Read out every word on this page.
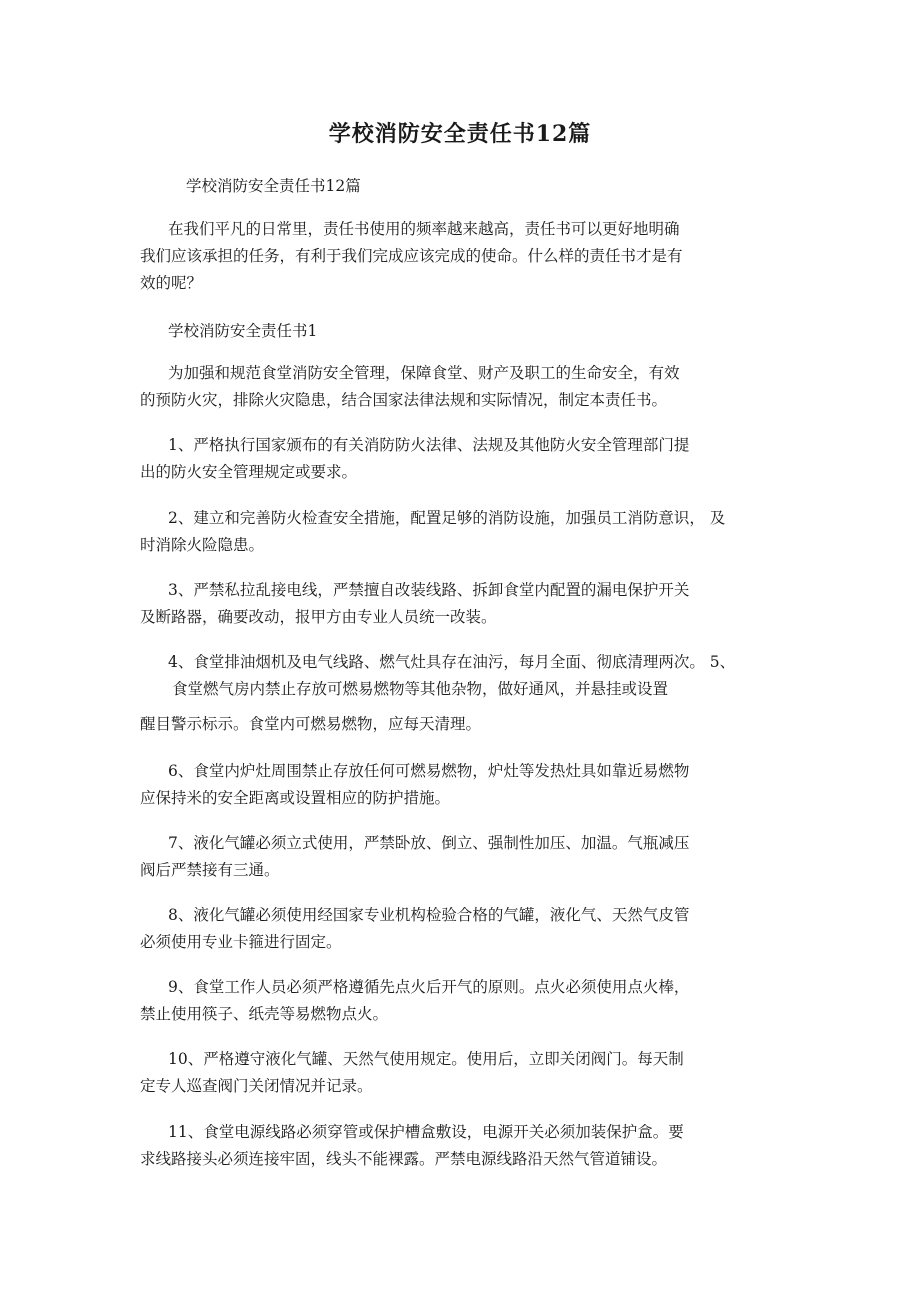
学校消防安全责任书12篇

学校消防安全责任书12篇

在我们平凡的日常里，责任书使用的频率越来越高，责任书可以更好地明确
我们应该承担的任务，有利于我们完成应该完成的使命。什么样的责任书才是有
效的呢？
学校消防安全责任书1
为加强和规范食堂消防安全管理，保障食堂、财产及职工的生命安全，有效
的预防火灾，排除火灾隐患，结合国家法律法规和实际情况，制定本责任书。
1、严格执行国家颁布的有关消防防火法律、法规及其他防火安全管理部门提
出的防火安全管理规定或要求。
2、建立和完善防火检查安全措施，配置足够的消防设施，加强员工消防意识， 及
时消除火险隐患。
3、严禁私拉乱接电线，严禁擅自改装线路、拆卸食堂内配置的漏电保护开关
及断路器，确要改动，报甲方由专业人员统一改装。
4、食堂排油烟机及电气线路、燃气灶具存在油污，每月全面、彻底清理两次。 5、
食堂燃气房内禁止存放可燃易燃物等其他杂物，做好通风，并悬挂或设置
醒目警示标示。食堂内可燃易燃物，应每天清理。
6、食堂内炉灶周围禁止存放任何可燃易燃物，炉灶等发热灶具如靠近易燃物
应保持米的安全距离或设置相应的防护措施。
7、液化气罐必须立式使用，严禁卧放、倒立、强制性加压、加温。气瓶减压
阀后严禁接有三通。
8、液化气罐必须使用经国家专业机构检验合格的气罐，液化气、天然气皮管
必须使用专业卡箍进行固定。
9、食堂工作人员必须严格遵循先点火后开气的原则。点火必须使用点火棒，
禁止使用筷子、纸壳等易燃物点火。
10、严格遵守液化气罐、天然气使用规定。使用后，立即关闭阀门。每天制
定专人巡查阀门关闭情况并记录。
11、食堂电源线路必须穿管或保护槽盒敷设，电源开关必须加装保护盒。要
求线路接头必须连接牢固，线头不能裸露。严禁电源线路沿天然气管道铺设。
